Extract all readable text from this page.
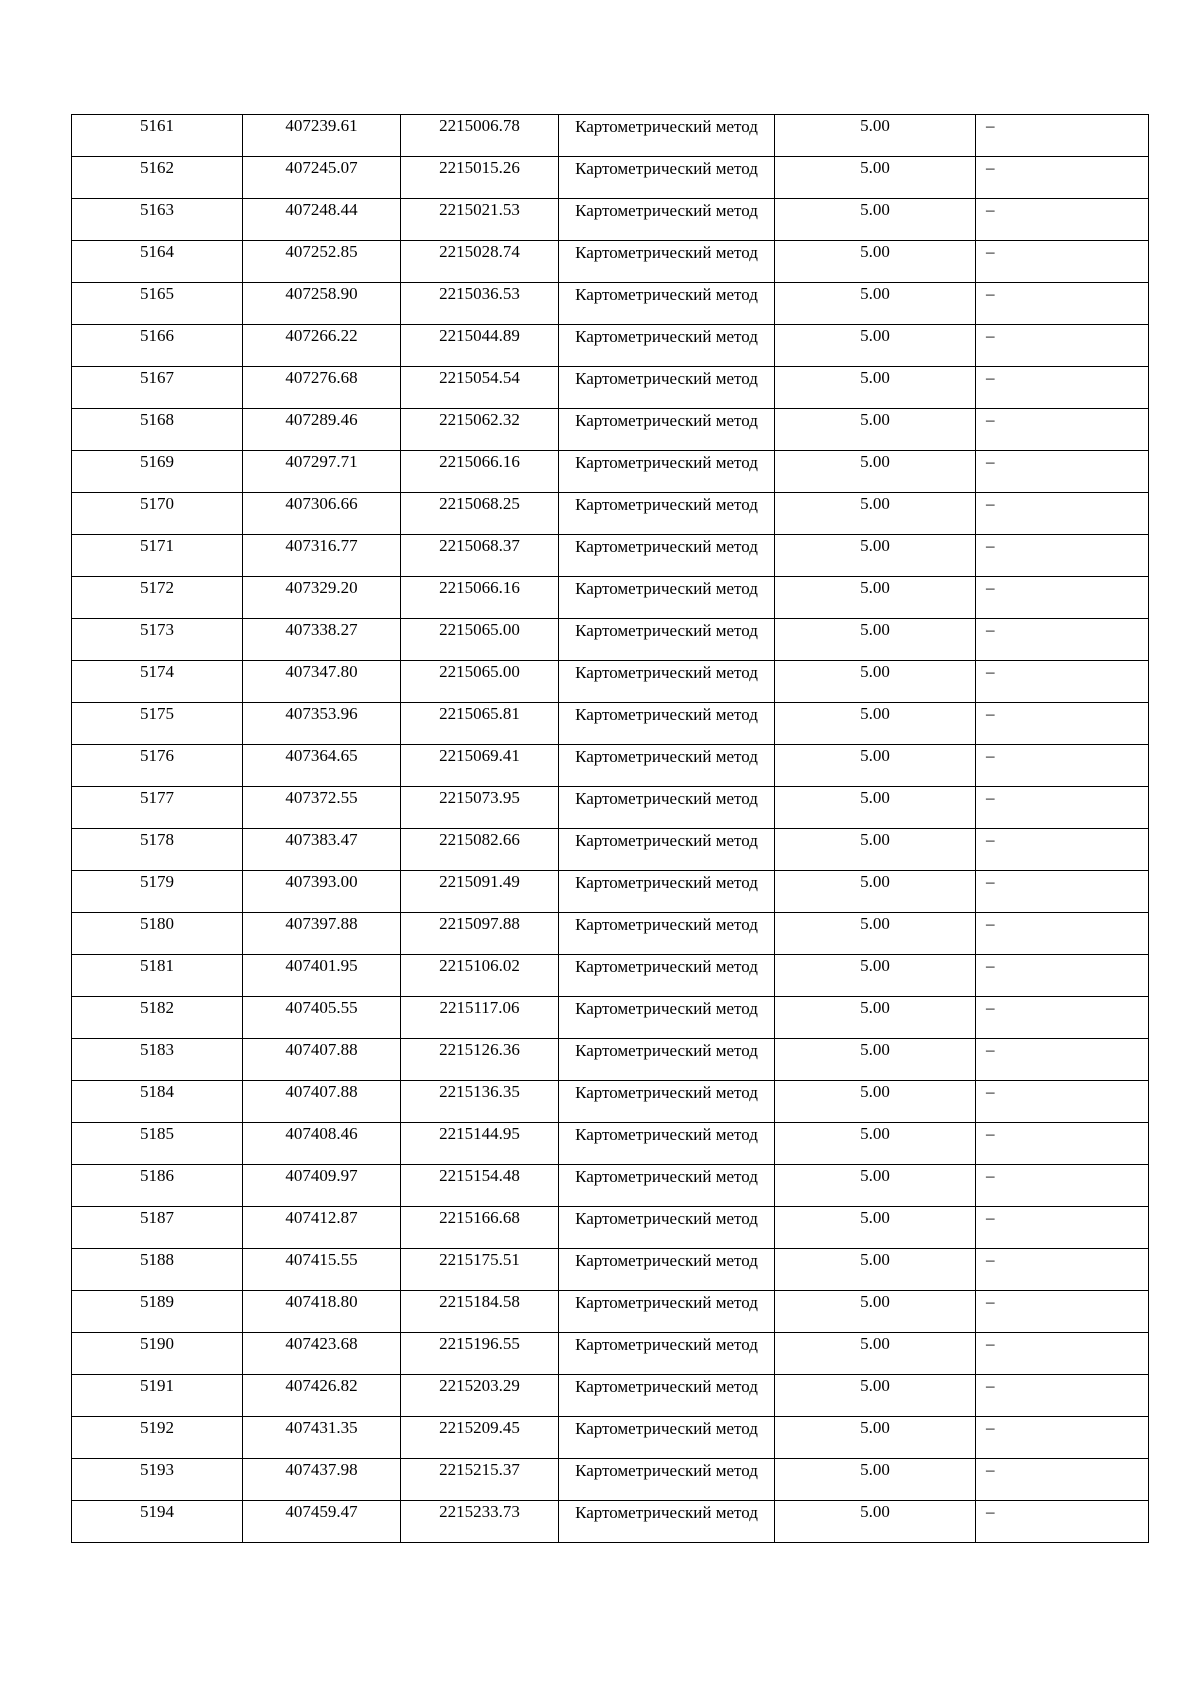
5161	407239.61	2215006.78	Картометрический метод	5.00	–

5162	407245.07	2215015.26	Картометрический метод	5.00	–

5163	407248.44	2215021.53	Картометрический метод	5.00	–

5164	407252.85	2215028.74	Картометрический метод	5.00	–

5165	407258.90	2215036.53	Картометрический метод	5.00	–

5166	407266.22	2215044.89	Картометрический метод	5.00	–

5167	407276.68	2215054.54	Картометрический метод	5.00	–

5168	407289.46	2215062.32	Картометрический метод	5.00	–

5169	407297.71	2215066.16	Картометрический метод	5.00	–

5170	407306.66	2215068.25	Картометрический метод	5.00	–

5171	407316.77	2215068.37	Картометрический метод	5.00	–

5172	407329.20	2215066.16	Картометрический метод	5.00	–

5173	407338.27	2215065.00	Картометрический метод	5.00	–

5174	407347.80	2215065.00	Картометрический метод	5.00	–

5175	407353.96	2215065.81	Картометрический метод	5.00	–

5176	407364.65	2215069.41	Картометрический метод	5.00	–

5177	407372.55	2215073.95	Картометрический метод	5.00	–

5178	407383.47	2215082.66	Картометрический метод	5.00	–

5179	407393.00	2215091.49	Картометрический метод	5.00	–

5180	407397.88	2215097.88	Картометрический метод	5.00	–

5181	407401.95	2215106.02	Картометрический метод	5.00	–

5182	407405.55	2215117.06	Картометрический метод	5.00	–

5183	407407.88	2215126.36	Картометрический метод	5.00	–

5184	407407.88	2215136.35	Картометрический метод	5.00	–

5185	407408.46	2215144.95	Картометрический метод	5.00	–

5186	407409.97	2215154.48	Картометрический метод	5.00	–

5187	407412.87	2215166.68	Картометрический метод	5.00	–

5188	407415.55	2215175.51	Картометрический метод	5.00	–

5189	407418.80	2215184.58	Картометрический метод	5.00	–

5190	407423.68	2215196.55	Картометрический метод	5.00	–

5191	407426.82	2215203.29	Картометрический метод	5.00	–

5192	407431.35	2215209.45	Картометрический метод	5.00	–

5193	407437.98	2215215.37	Картометрический метод	5.00	–

5194	407459.47	2215233.73	Картометрический метод	5.00	–
